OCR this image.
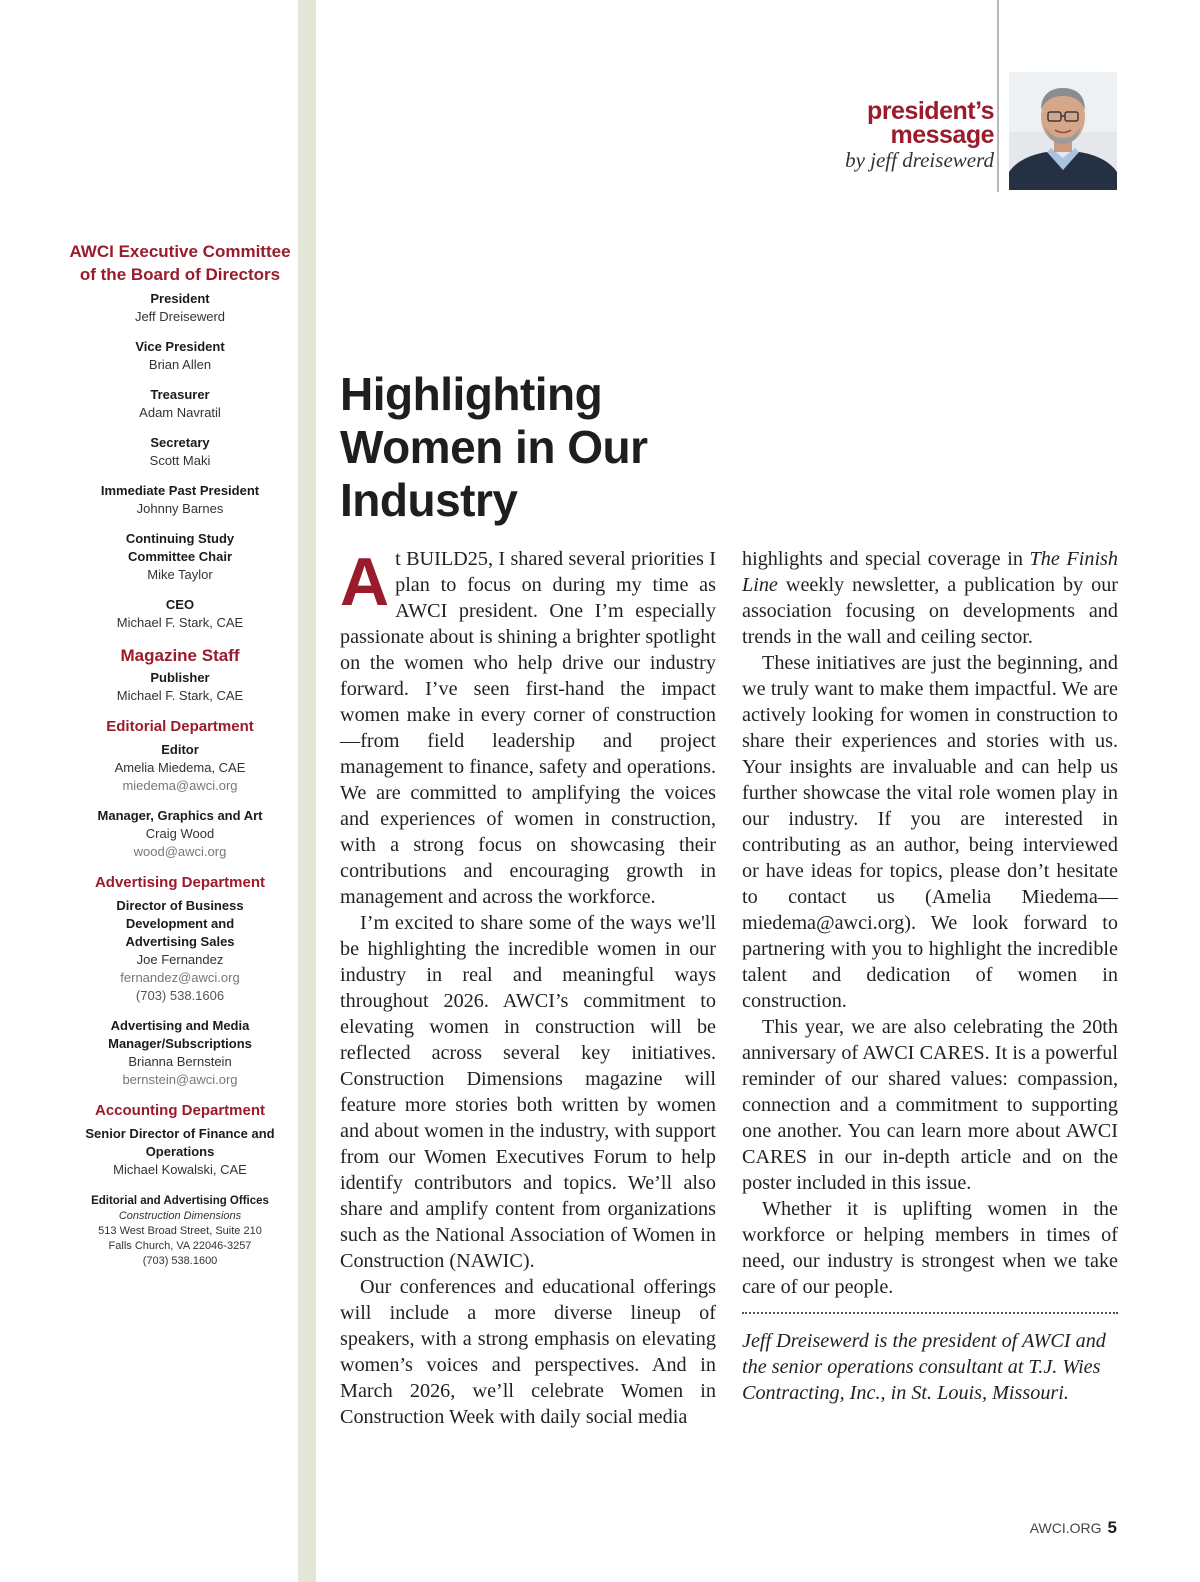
AWCI Executive Committee of the Board of Directors
President
Jeff Dreisewerd
Vice President
Brian Allen
Treasurer
Adam Navratil
Secretary
Scott Maki
Immediate Past President
Johnny Barnes
Continuing Study Committee Chair
Mike Taylor
CEO
Michael F. Stark, CAE
Magazine Staff
Publisher
Michael F. Stark, CAE
Editorial Department
Editor
Amelia Miedema, CAE
miedema@awci.org
Manager, Graphics and Art
Craig Wood
wood@awci.org
Advertising Department
Director of Business Development and Advertising Sales
Joe Fernandez
fernandez@awci.org
(703) 538.1606
Advertising and Media Manager/Subscriptions
Brianna Bernstein
bernstein@awci.org
Accounting Department
Senior Director of Finance and Operations
Michael Kowalski, CAE
Editorial and Advertising Offices
Construction Dimensions
513 West Broad Street, Suite 210
Falls Church, VA 22046-3257
(703) 538.1600
president’s
message
by jeff dreisewerd
Highlighting
Women in Our
Industry

At BUILD25, I shared several priorities I plan to focus on during my time as AWCI president. One I’m especially passionate about is shining a brighter spotlight on the women who help drive our industry forward. I’ve seen first-hand the impact women make in every corner of construction—from field leadership and project management to finance, safety and operations. We are committed to amplifying the voices and experiences of women in construction, with a strong focus on showcasing their contributions and encouraging growth in management and across the workforce.

I’m excited to share some of the ways we'll be highlighting the incredible women in our industry in real and meaningful ways throughout 2026. AWCI’s commitment to elevating women in construction will be reflected across several key initiatives. Construction Dimensions magazine will feature more stories both written by women and about women in the industry, with support from our Women Executives Forum to help identify contributors and topics. We’ll also share and amplify content from organizations such as the National Association of Women in Construction (NAWIC).

Our conferences and educational offerings will include a more diverse lineup of speakers, with a strong emphasis on elevating women’s voices and perspectives. And in March 2026, we’ll celebrate Women in Construction Week with daily social media

highlights and special coverage in The Finish Line weekly newsletter, a publication by our association focusing on developments and trends in the wall and ceiling sector.

These initiatives are just the beginning, and we truly want to make them impactful. We are actively looking for women in construction to share their experiences and stories with us. Your insights are invaluable and can help us further showcase the vital role women play in our industry. If you are interested in contributing as an author, being interviewed or have ideas for topics, please don’t hesitate to contact us (Amelia Miedema—miedema@awci.org). We look forward to partnering with you to highlight the incredible talent and dedication of women in construction.

This year, we are also celebrating the 20th anniversary of AWCI CARES. It is a powerful reminder of our shared values: compassion, connection and a commitment to supporting one another. You can learn more about AWCI CARES in our in-depth article and on the poster included in this issue.

Whether it is uplifting women in the workforce or helping members in times of need, our industry is strongest when we take care of our people.

Jeff Dreisewerd is the president of AWCI and the senior operations consultant at T.J. Wies Contracting, Inc., in St. Louis, Missouri.

AWCI.ORG 5
